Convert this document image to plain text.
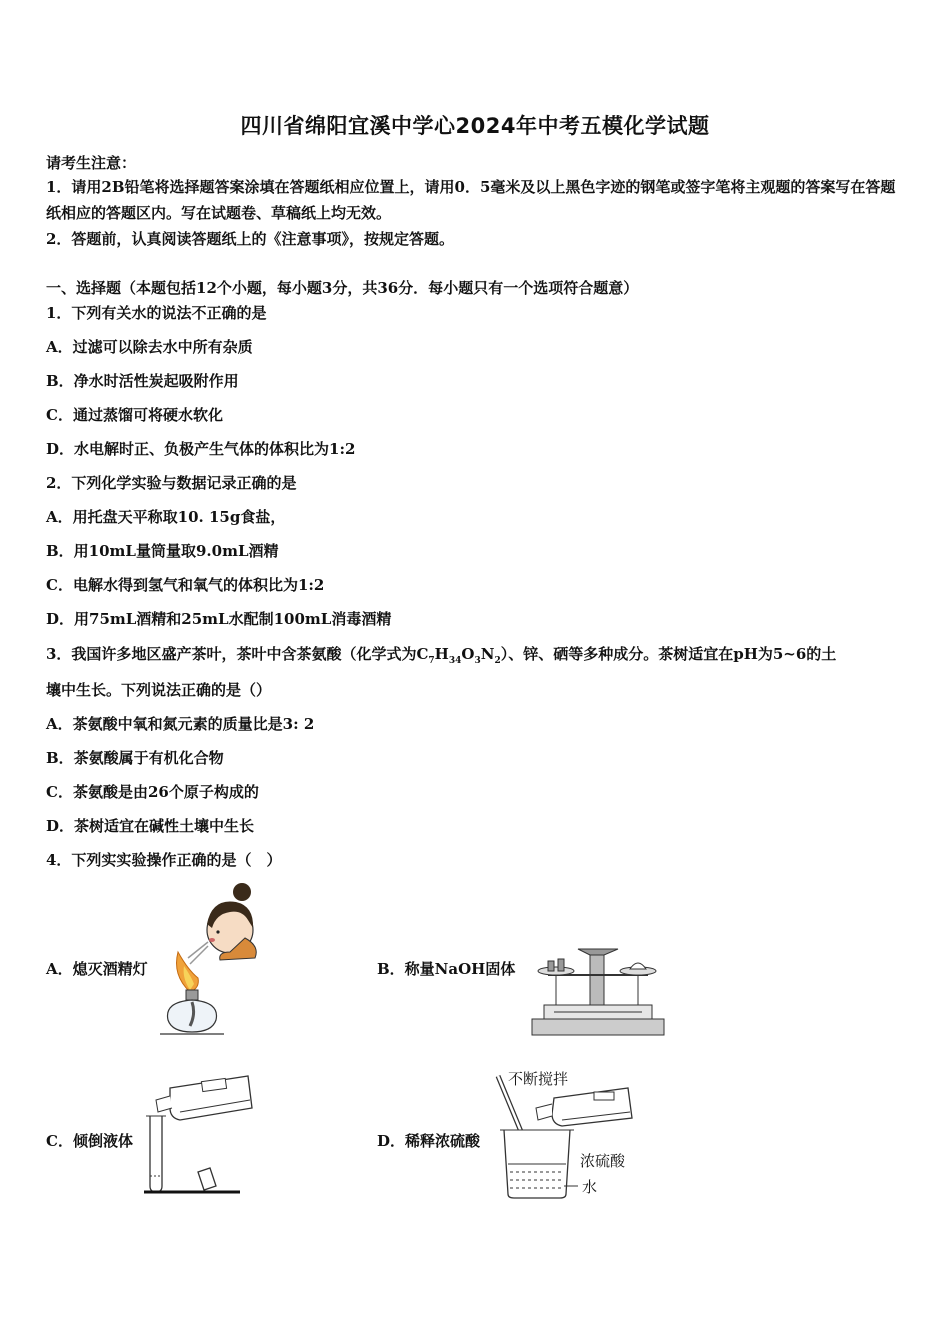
四川省绵阳宜溪中学心2024年中考五模化学试题
请考生注意：
1．请用2B铅笔将选择题答案涂填在答题纸相应位置上，请用0．5毫米及以上黑色字迹的钢笔或签字笔将主观题的答案写在答题纸相应的答题区内。写在试题卷、草稿纸上均无效。
2．答题前，认真阅读答题纸上的《注意事项》，按规定答题。
一、选择题（本题包括12个小题，每小题3分，共36分．每小题只有一个选项符合题意）
1．下列有关水的说法不正确的是
A．过滤可以除去水中所有杂质
B．净水时活性炭起吸附作用
C．通过蒸馏可将硬水软化
D．水电解时正、负极产生气体的体积比为1:2
2．下列化学实验与数据记录正确的是
A．用托盘天平称取10. 15g食盐，
B．用10mL量筒量取9.0mL酒精
C．电解水得到氢气和氧气的体积比为1:2
D．用75mL酒精和25mL水配制100mL消毒酒精
3．我国许多地区盛产茶叶，茶叶中含茶氨酸（化学式为$C_7H_{34}O_3N_2$）、锌、硒等多种成分。茶树适宜在pH为5~6的土
壤中生长。下列说法正确的是（）
A．茶氨酸中氧和氮元素的质量比是3: 2
B．茶氨酸属于有机化合物
C．茶氨酸是由26个原子构成的
D．茶树适宜在碱性土壤中生长
4．下列实实验操作正确的是（　）
A．熄灭酒精灯	B．称量NaOH固体
C．倾倒液体	D．稀释浓硫酸
不断搅拌
浓硫酸
水
